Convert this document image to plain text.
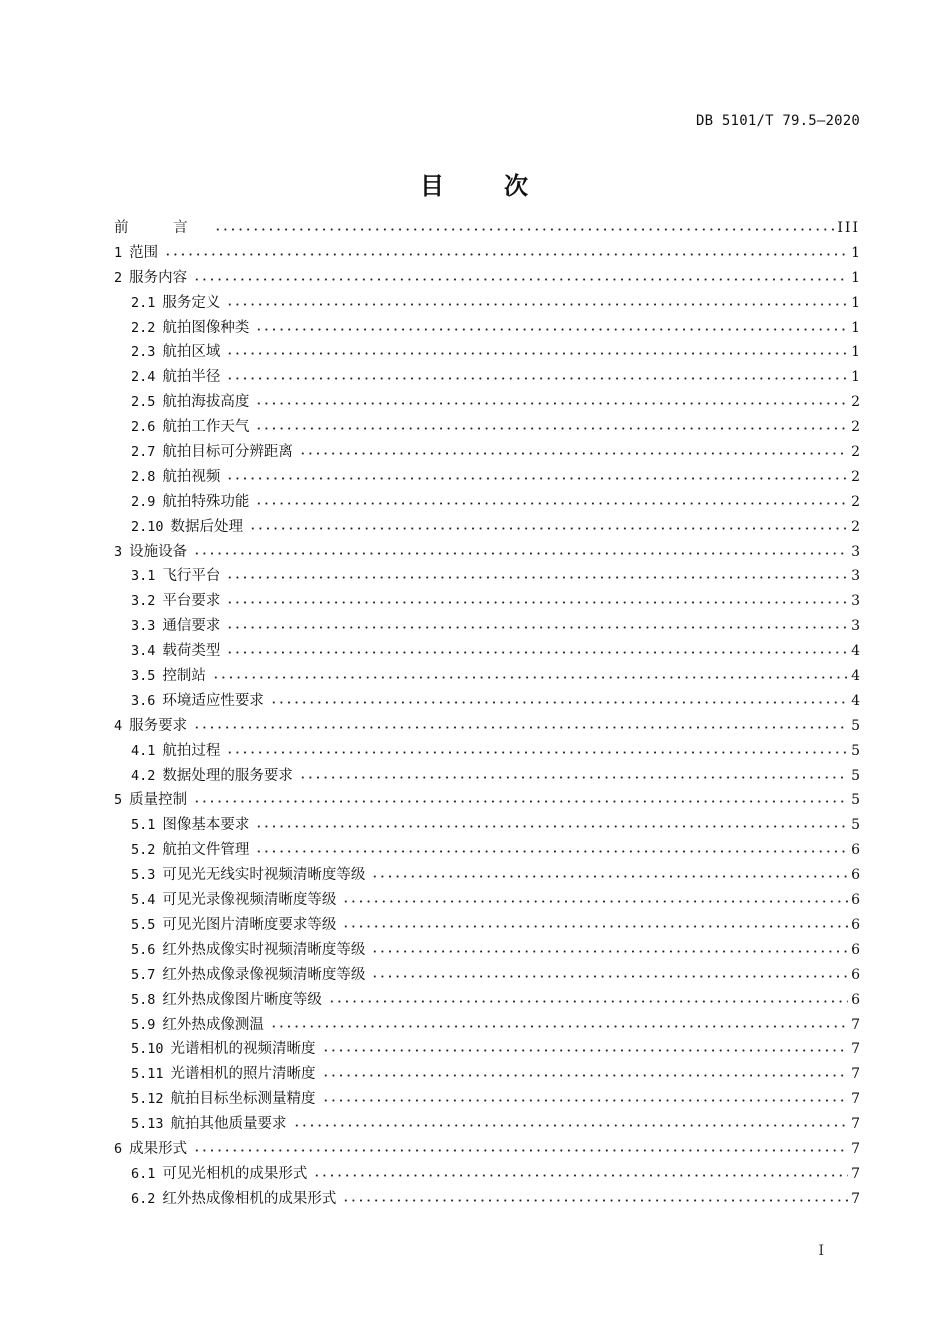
DB 5101/T 79.5—2020
目 次
前 言	III
1 范围	1
2 服务内容	1
2.1 服务定义	1
2.2 航拍图像种类	1
2.3 航拍区域	1
2.4 航拍半径	1
2.5 航拍海拔高度	2
2.6 航拍工作天气	2
2.7 航拍目标可分辨距离	2
2.8 航拍视频	2
2.9 航拍特殊功能	2
2.10 数据后处理	2
3 设施设备	3
3.1 飞行平台	3
3.2 平台要求	3
3.3 通信要求	3
3.4 载荷类型	4
3.5 控制站	4
3.6 环境适应性要求	4
4 服务要求	5
4.1 航拍过程	5
4.2 数据处理的服务要求	5
5 质量控制	5
5.1 图像基本要求	5
5.2 航拍文件管理	6
5.3 可见光无线实时视频清晰度等级	6
5.4 可见光录像视频清晰度等级	6
5.5 可见光图片清晰度要求等级	6
5.6 红外热成像实时视频清晰度等级	6
5.7 红外热成像录像视频清晰度等级	6
5.8 红外热成像图片晰度等级	6
5.9 红外热成像测温	7
5.10 光谱相机的视频清晰度	7
5.11 光谱相机的照片清晰度	7
5.12 航拍目标坐标测量精度	7
5.13 航拍其他质量要求	7
6 成果形式	7
6.1 可见光相机的成果形式	7
6.2 红外热成像相机的成果形式	7
I
